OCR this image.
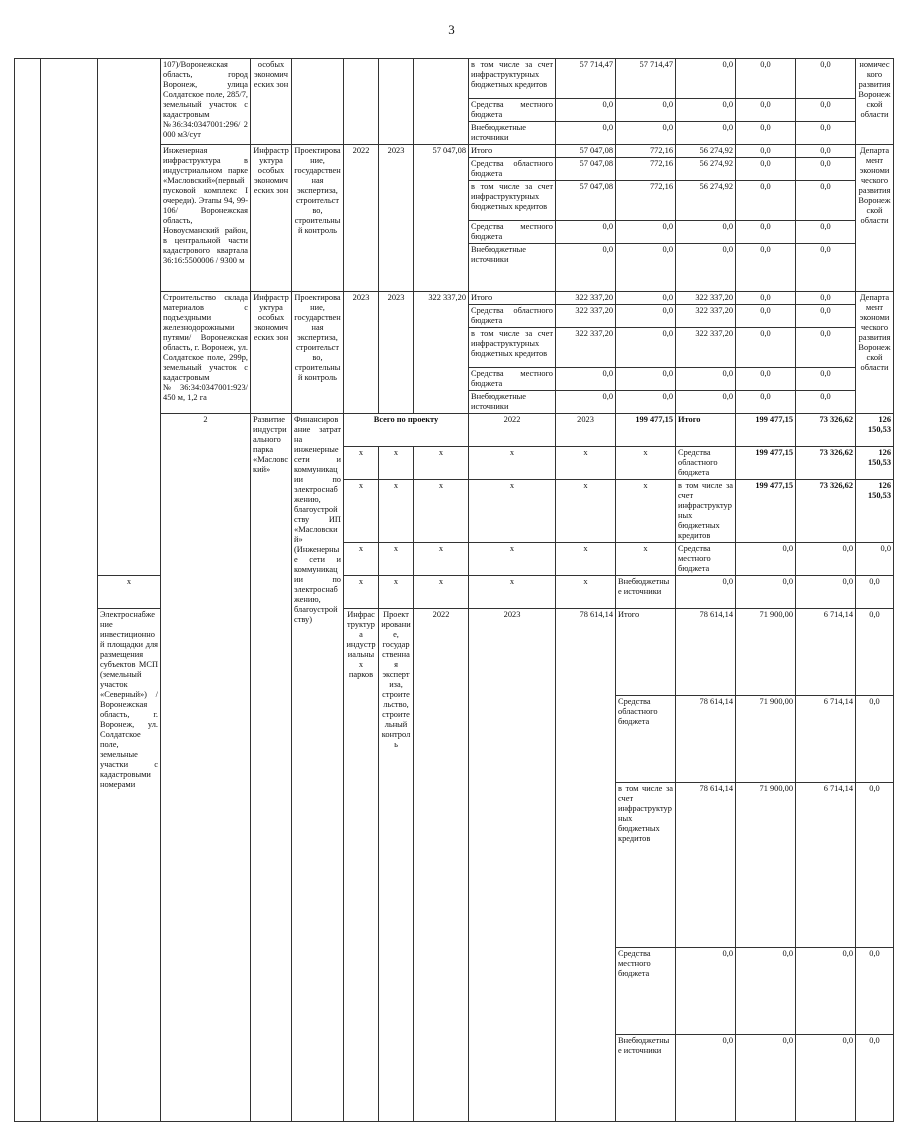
3
			107)/Воронежская область, город Воронеж, улица Солдатское поле, 285/7, земельный участок с кадастровым №36:34:0347001:296/ 2 000 м3/сут	особых экономических зон					в том числе за счет инфраструктурных бюджетных кредитов	57 714,47	57 714,47	0,0	0,0	0,0	номического развития Воронежской области	
									Средства местного бюджета	0,0	0,0	0,0	0,0	0,0		
									Внебюджетные источники	0,0	0,0	0,0	0,0	0,0		
			Инженерная инфраструктура в индустриальном парке «Масловский»(первый пусковой комплекс I очереди). Этапы 94, 99-106/ Воронежская область, Новоусманский район, в центральной части кадастрового квартала 36:16:5500006 / 9300 м	Инфраструктура особых экономических зон	Проектирование, государственная экспертиза, строительство, строительный контроль	2022	2023	57 047,08	Итого	57 047,08	772,16	56 274,92	0,0	0,0	Департамент экономического развития Воронежской области	
									Средства областного бюджета	57 047,08	772,16	56 274,92	0,0	0,0		
									в том числе за счет инфраструктурных бюджетных кредитов	57 047,08	772,16	56 274,92	0,0	0,0		
									Средства местного бюджета	0,0	0,0	0,0	0,0	0,0		
									Внебюджетные источники	0,0	0,0	0,0	0,0	0,0		
			Строительство склада материалов с подъездными железнодорожными путями/ Воронежская область, г. Воронеж, ул. Солдатское поле, 299р, земельный участок с кадастровым №36:34:0347001:923/ 450 м, 1,2 га	Инфраструктура особых экономических зон	Проектирование, государственная экспертиза, строительство, строительный контроль	2023	2023	322 337,20	Итого	322 337,20	0,0	322 337,20	0,0	0,0	Департамент экономического развития Воронежской области	
									Средства областного бюджета	322 337,20	0,0	322 337,20	0,0	0,0		
									в том числе за счет инфраструктурных бюджетных кредитов	322 337,20	0,0	322 337,20	0,0	0,0		
									Средства местного бюджета	0,0	0,0	0,0	0,0	0,0		
									Внебюджетные источники	0,0	0,0	0,0	0,0	0,0		
			2	Развитие индустриального парка «Масловский»	Финансирование затрат на инженерные сети и коммуникации по электроснабжению, благоустройству ИП «Масловский» (Инженерные сети и коммуникации по электроснабжению, благоустройству)	Всего по проекту			2022	2023	199 477,15	Итого	199 477,15	73 326,62	126 150,53			
						x	x	x	x	x	x	Средства областного бюджета	199 477,15	73 326,62	126 150,53			
						x	x	x	x	x	x	в том числе за счет инфраструктурных бюджетных кредитов	199 477,15	73 326,62	126 150,53			
						x	x	x	x	x	x	Средства местного бюджета	0,0	0,0	0,0			
		x				x	x	x	x	x	Внебюджетные источники	0,0	0,0	0,0	0,0		
		Электроснабжение инвестиционной площадки для размещения субъектов МСП (земельный участок «Северный») / Воронежская область, г. Воронеж, ул. Солдатское поле, земельные участки с кадастровыми номерами				Инфраструктура индустриальных парков	Проектирование, государственная экспертиза, строительство, строительный контроль	2022	2023	78 614,14	Итого	78 614,14	71 900,00	6 714,14	0,0		
											Средства областного бюджета	78 614,14	71 900,00	6 714,14	0,0	
											в том числе за счет инфраструктурных бюджетных кредитов	78 614,14	71 900,00	6 714,14	0,0	
											Средства местного бюджета	0,0	0,0	0,0	0,0	
											Внебюджетные источники	0,0	0,0	0,0	0,0	
